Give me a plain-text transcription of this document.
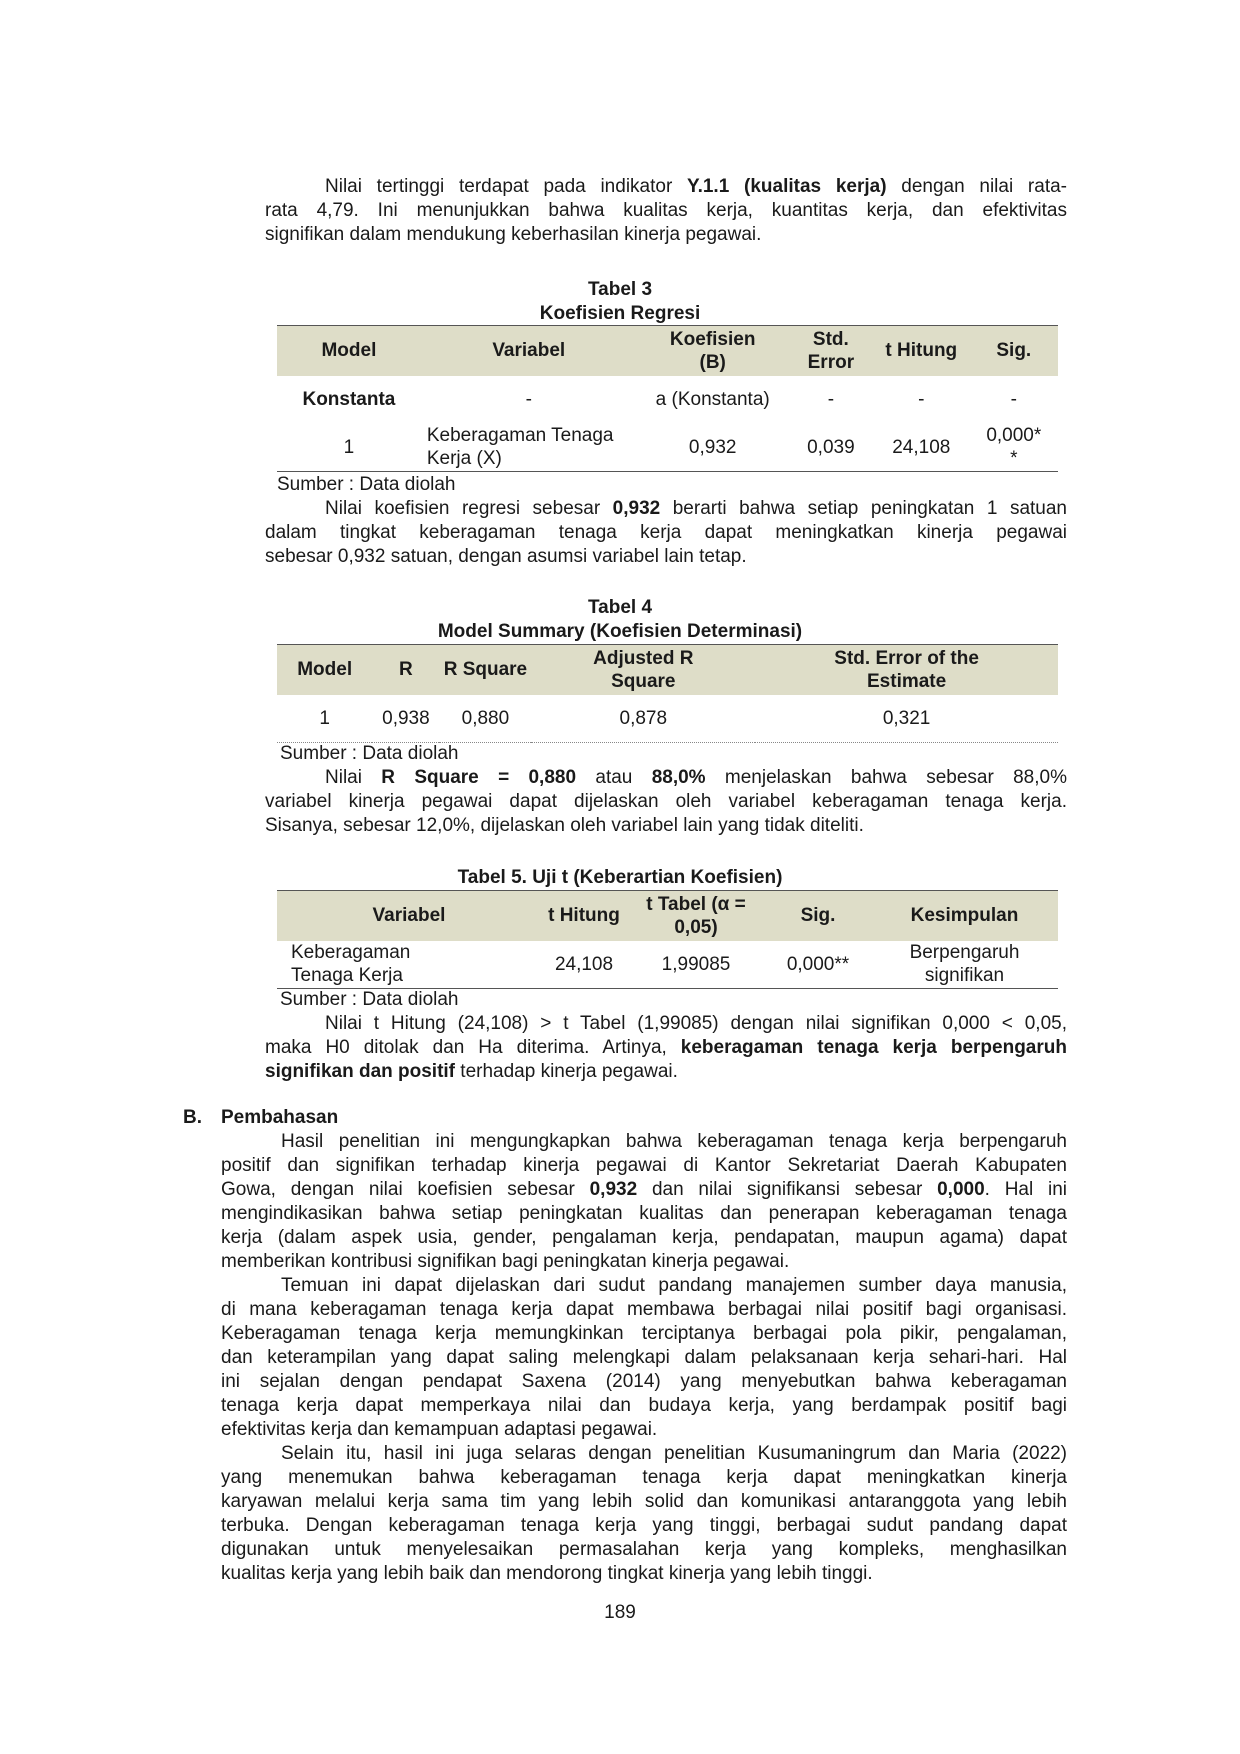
Nilai tertinggi terdapat pada indikator Y.1.1 (kualitas kerja) dengan nilai rata-
rata 4,79. Ini menunjukkan bahwa kualitas kerja, kuantitas kerja, dan efektivitas
signifikan dalam mendukung keberhasilan kinerja pegawai.
Tabel 3
Koefisien Regresi
Model	Variabel	Koefisien (B)	Std. Error	t Hitung	Sig.
Konstanta	-	a (Konstanta)	-	-	-
1	Keberagaman Tenaga Kerja (X)	0,932	0,039	24,108	0,000**
Sumber : Data diolah
Nilai koefisien regresi sebesar 0,932 berarti bahwa setiap peningkatan 1 satuan
dalam tingkat keberagaman tenaga kerja dapat meningkatkan kinerja pegawai
sebesar 0,932 satuan, dengan asumsi variabel lain tetap.
Tabel 4
Model Summary (Koefisien Determinasi)
Model	R	R Square	Adjusted R Square	Std. Error of the Estimate
1	0,938	0,880	0,878	0,321
Sumber : Data diolah
Nilai R Square = 0,880 atau 88,0% menjelaskan bahwa sebesar 88,0%
variabel kinerja pegawai dapat dijelaskan oleh variabel keberagaman tenaga kerja.
Sisanya, sebesar 12,0%, dijelaskan oleh variabel lain yang tidak diteliti.
Tabel 5. Uji t (Keberartian Koefisien)
Variabel	t Hitung	t Tabel (α = 0,05)	Sig.	Kesimpulan
Keberagaman Tenaga Kerja	24,108	1,99085	0,000**	Berpengaruh signifikan
Sumber : Data diolah
Nilai t Hitung (24,108) > t Tabel (1,99085) dengan nilai signifikan 0,000 < 0,05,
maka H0 ditolak dan Ha diterima. Artinya, keberagaman tenaga kerja berpengaruh
signifikan dan positif terhadap kinerja pegawai.
B. Pembahasan
Hasil penelitian ini mengungkapkan bahwa keberagaman tenaga kerja berpengaruh
positif dan signifikan terhadap kinerja pegawai di Kantor Sekretariat Daerah Kabupaten
Gowa, dengan nilai koefisien sebesar 0,932 dan nilai signifikansi sebesar 0,000. Hal ini
mengindikasikan bahwa setiap peningkatan kualitas dan penerapan keberagaman tenaga
kerja (dalam aspek usia, gender, pengalaman kerja, pendapatan, maupun agama) dapat
memberikan kontribusi signifikan bagi peningkatan kinerja pegawai.
Temuan ini dapat dijelaskan dari sudut pandang manajemen sumber daya manusia,
di mana keberagaman tenaga kerja dapat membawa berbagai nilai positif bagi organisasi.
Keberagaman tenaga kerja memungkinkan terciptanya berbagai pola pikir, pengalaman,
dan keterampilan yang dapat saling melengkapi dalam pelaksanaan kerja sehari-hari. Hal
ini sejalan dengan pendapat Saxena (2014) yang menyebutkan bahwa keberagaman
tenaga kerja dapat memperkaya nilai dan budaya kerja, yang berdampak positif bagi
efektivitas kerja dan kemampuan adaptasi pegawai.
Selain itu, hasil ini juga selaras dengan penelitian Kusumaningrum dan Maria (2022)
yang menemukan bahwa keberagaman tenaga kerja dapat meningkatkan kinerja
karyawan melalui kerja sama tim yang lebih solid dan komunikasi antaranggota yang lebih
terbuka. Dengan keberagaman tenaga kerja yang tinggi, berbagai sudut pandang dapat
digunakan untuk menyelesaikan permasalahan kerja yang kompleks, menghasilkan
kualitas kerja yang lebih baik dan mendorong tingkat kinerja yang lebih tinggi.
189
